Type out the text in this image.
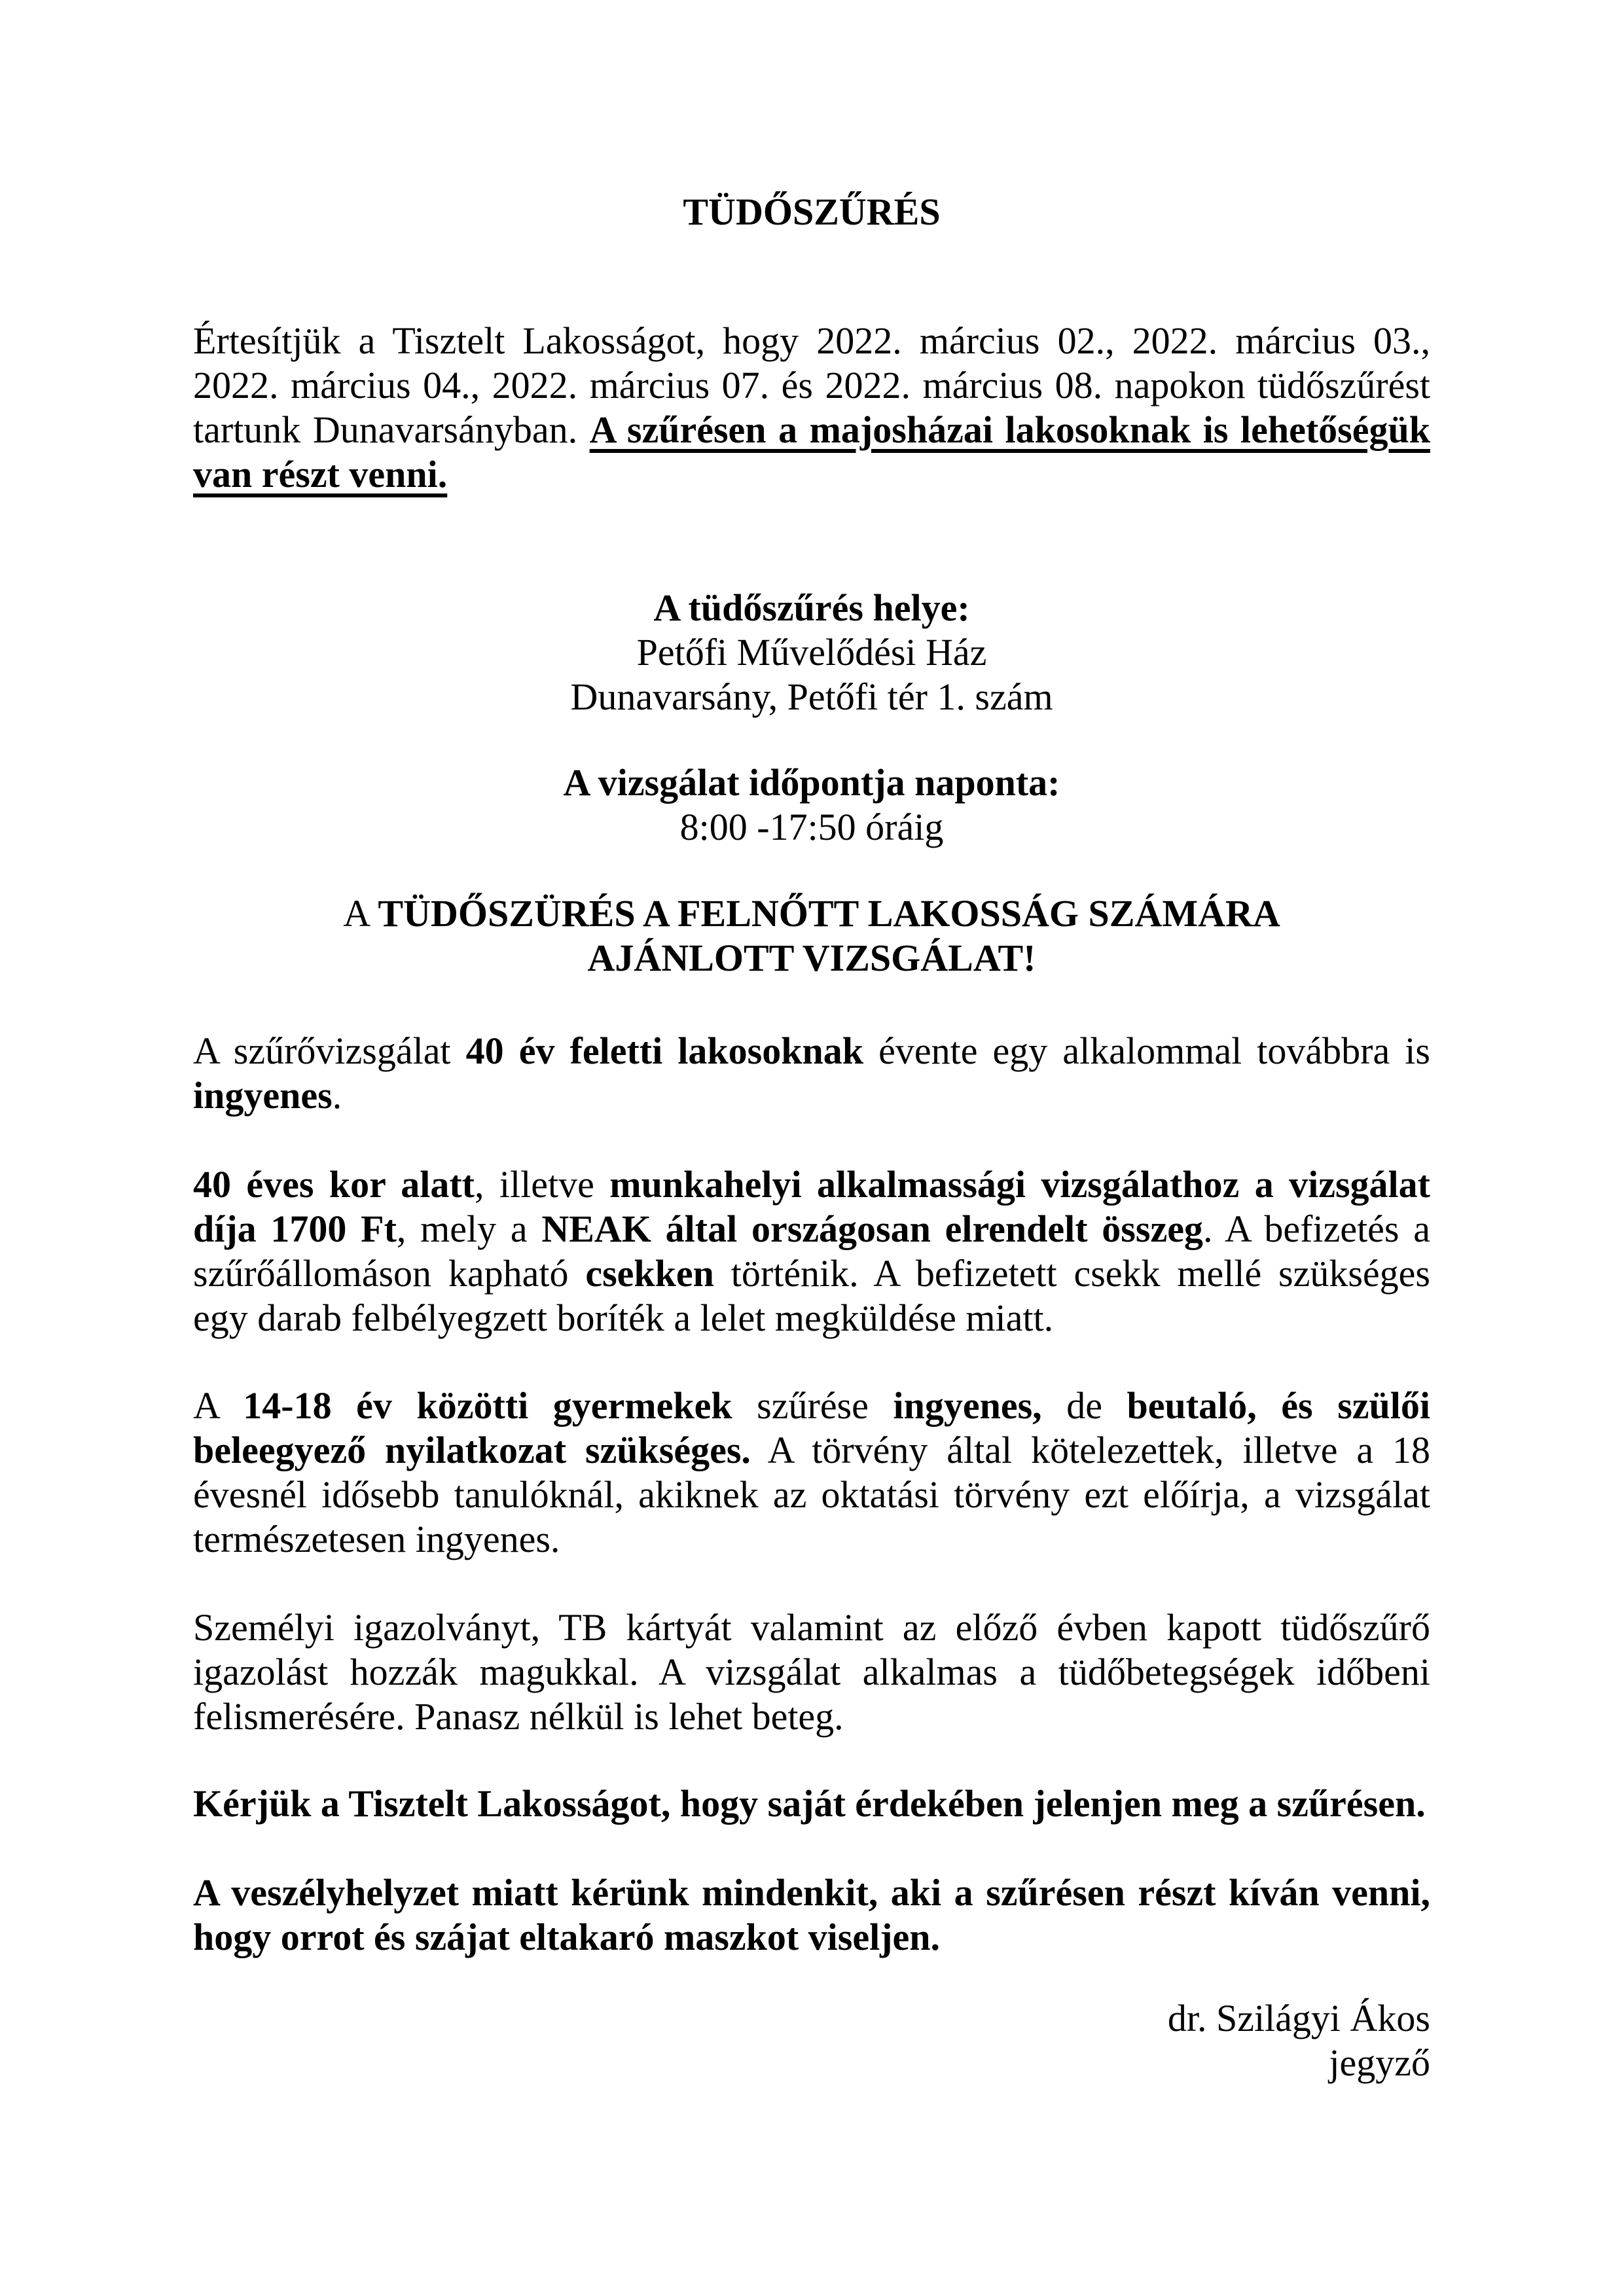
TÜDŐSZŰRÉS

Értesítjük a Tisztelt Lakosságot, hogy 2022. március 02., 2022. március 03., 2022. március 04., 2022. március 07. és 2022. március 08. napokon tüdőszűrést tartunk Dunavarsányban. A szűrésen a majosházai lakosoknak is lehetőségük van részt venni.

A tüdőszűrés helye:
Petőfi Művelődési Ház
Dunavarsány, Petőfi tér 1. szám
A vizsgálat időpontja naponta:
8:00 -17:50 óráig

A TÜDŐSZÜRÉS A FELNŐTT LAKOSSÁG SZÁMÁRA AJÁNLOTT VIZSGÁLAT!

A szűrővizsgálat 40 év feletti lakosoknak évente egy alkalommal továbbra is ingyenes.

40 éves kor alatt, illetve munkahelyi alkalmassági vizsgálathoz a vizsgálat díja 1700 Ft, mely a NEAK által országosan elrendelt összeg. A befizetés a szűrőállomáson kapható csekken történik. A befizetett csekk mellé szükséges egy darab felbélyegzett boríték a lelet megküldése miatt.

A 14-18 év közötti gyermekek szűrése ingyenes, de beutaló, és szülői beleegyező nyilatkozat szükséges. A törvény által kötelezettek, illetve a 18 évesnél idősebb tanulóknál, akiknek az oktatási törvény ezt előírja, a vizsgálat természetesen ingyenes.

Személyi igazolványt, TB kártyát valamint az előző évben kapott tüdőszűrő igazolást hozzák magukkal. A vizsgálat alkalmas a tüdőbetegségek időbeni felismerésére. Panasz nélkül is lehet beteg.

Kérjük a Tisztelt Lakosságot, hogy saját érdekében jelenjen meg a szűrésen.

A veszélyhelyzet miatt kérünk mindenkit, aki a szűrésen részt kíván venni, hogy orrot és szájat eltakaró maszkot viseljen.

dr. Szilágyi Ákos
jegyző
